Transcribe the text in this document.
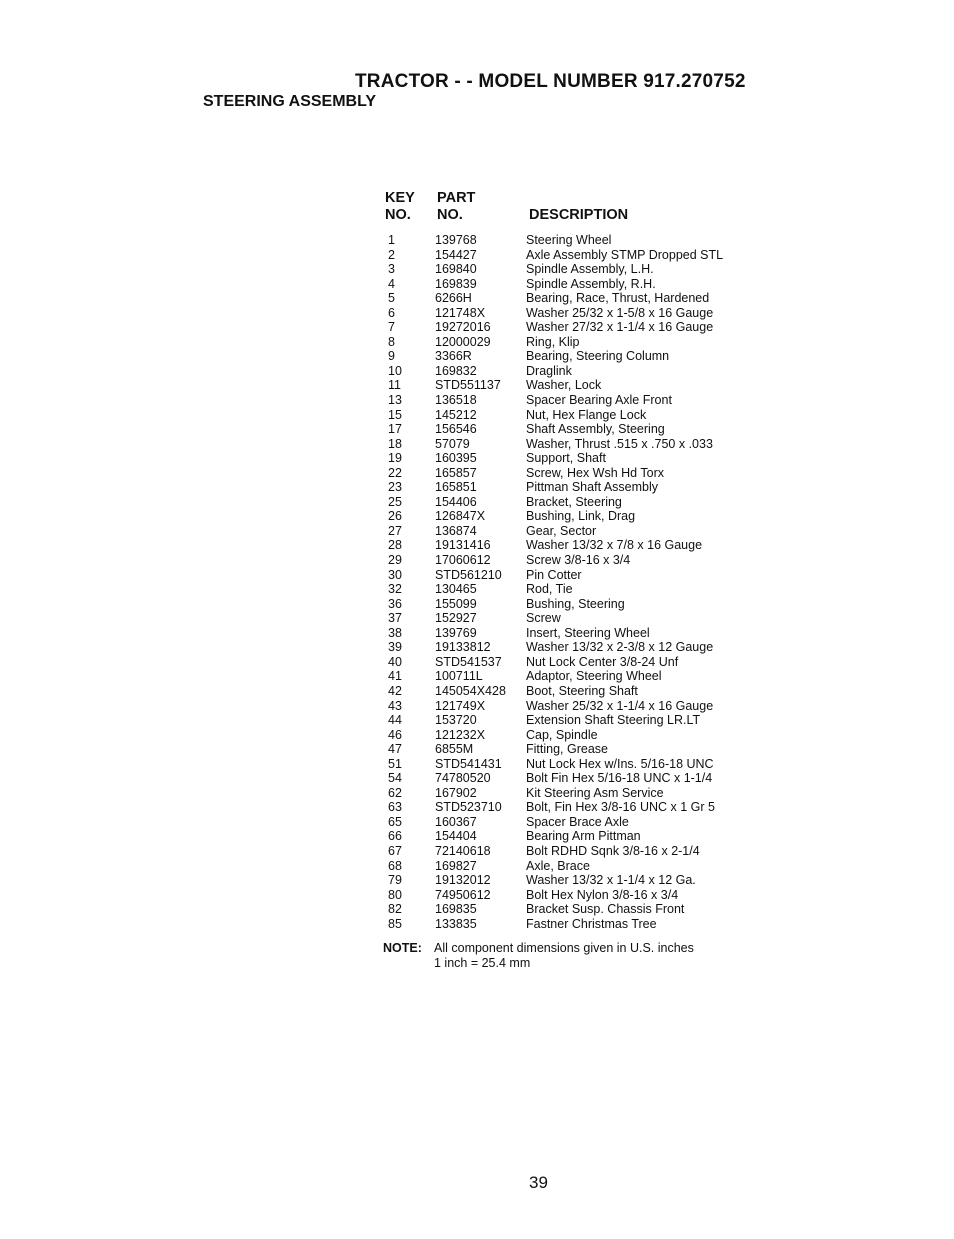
TRACTOR - - MODEL NUMBER 917.270752
STEERING ASSEMBLY
KEY
NO.
PART
NO.	DESCRIPTION
1	139768	Steering Wheel
2	154427	Axle Assembly STMP Dropped STL
3	169840	Spindle Assembly, L.H.
4	169839	Spindle Assembly, R.H.
5	6266H	Bearing, Race, Thrust, Hardened
6	121748X	Washer 25/32 x 1-5/8 x 16 Gauge
7	19272016	Washer 27/32 x 1-1/4 x 16 Gauge
8	12000029	Ring, Klip
9	3366R	Bearing, Steering Column
10	169832	Draglink
11	STD551137 Washer, Lock
13	136518	Spacer Bearing Axle Front
15	145212	Nut, Hex Flange Lock
17	156546	Shaft Assembly, Steering
18	57079	Washer, Thrust .515 x .750 x .033
19	160395	Support, Shaft
22	165857	Screw, Hex Wsh Hd Torx
23	165851	Pittman Shaft Assembly
25	154406	Bracket, Steering
26	126847X	Bushing, Link, Drag
27	136874	Gear, Sector
28	19131416	Washer 13/32 x 7/8 x 16 Gauge
29	17060612	Screw 3/8-16 x 3/4
30	STD561210 Pin Cotter
32	130465	Rod, Tie
36	155099	Bushing, Steering
37	152927	Screw
38	139769	Insert, Steering Wheel
39	19133812	Washer 13/32 x 2-3/8 x 12 Gauge
40	STD541537 Nut Lock Center 3/8-24 Unf
41	100711L	Adaptor, Steering Wheel
42	145054X428 Boot, Steering Shaft
43	121749X	Washer 25/32 x 1-1/4 x 16 Gauge
44	153720	Extension Shaft Steering LR.LT
46	121232X	Cap, Spindle
47	6855M	Fitting, Grease
51	STD541431 Nut Lock Hex w/Ins. 5/16-18 UNC
54	74780520	Bolt Fin Hex 5/16-18 UNC x 1-1/4
62	167902	Kit Steering Asm Service
63	STD523710 Bolt, Fin Hex 3/8-16 UNC x 1 Gr 5
65	160367	Spacer Brace Axle
66	154404	Bearing Arm Pittman
67	72140618	Bolt RDHD Sqnk 3/8-16 x 2-1/4
68	169827	Axle, Brace
79	19132012	Washer 13/32 x 1-1/4 x 12 Ga.
80	74950612	Bolt Hex Nylon 3/8-16 x 3/4
82	169835	Bracket Susp. Chassis Front
85	133835	Fastner Christmas Tree
NOTE: All component dimensions given in U.S. inches
1 inch = 25.4 mm
39
